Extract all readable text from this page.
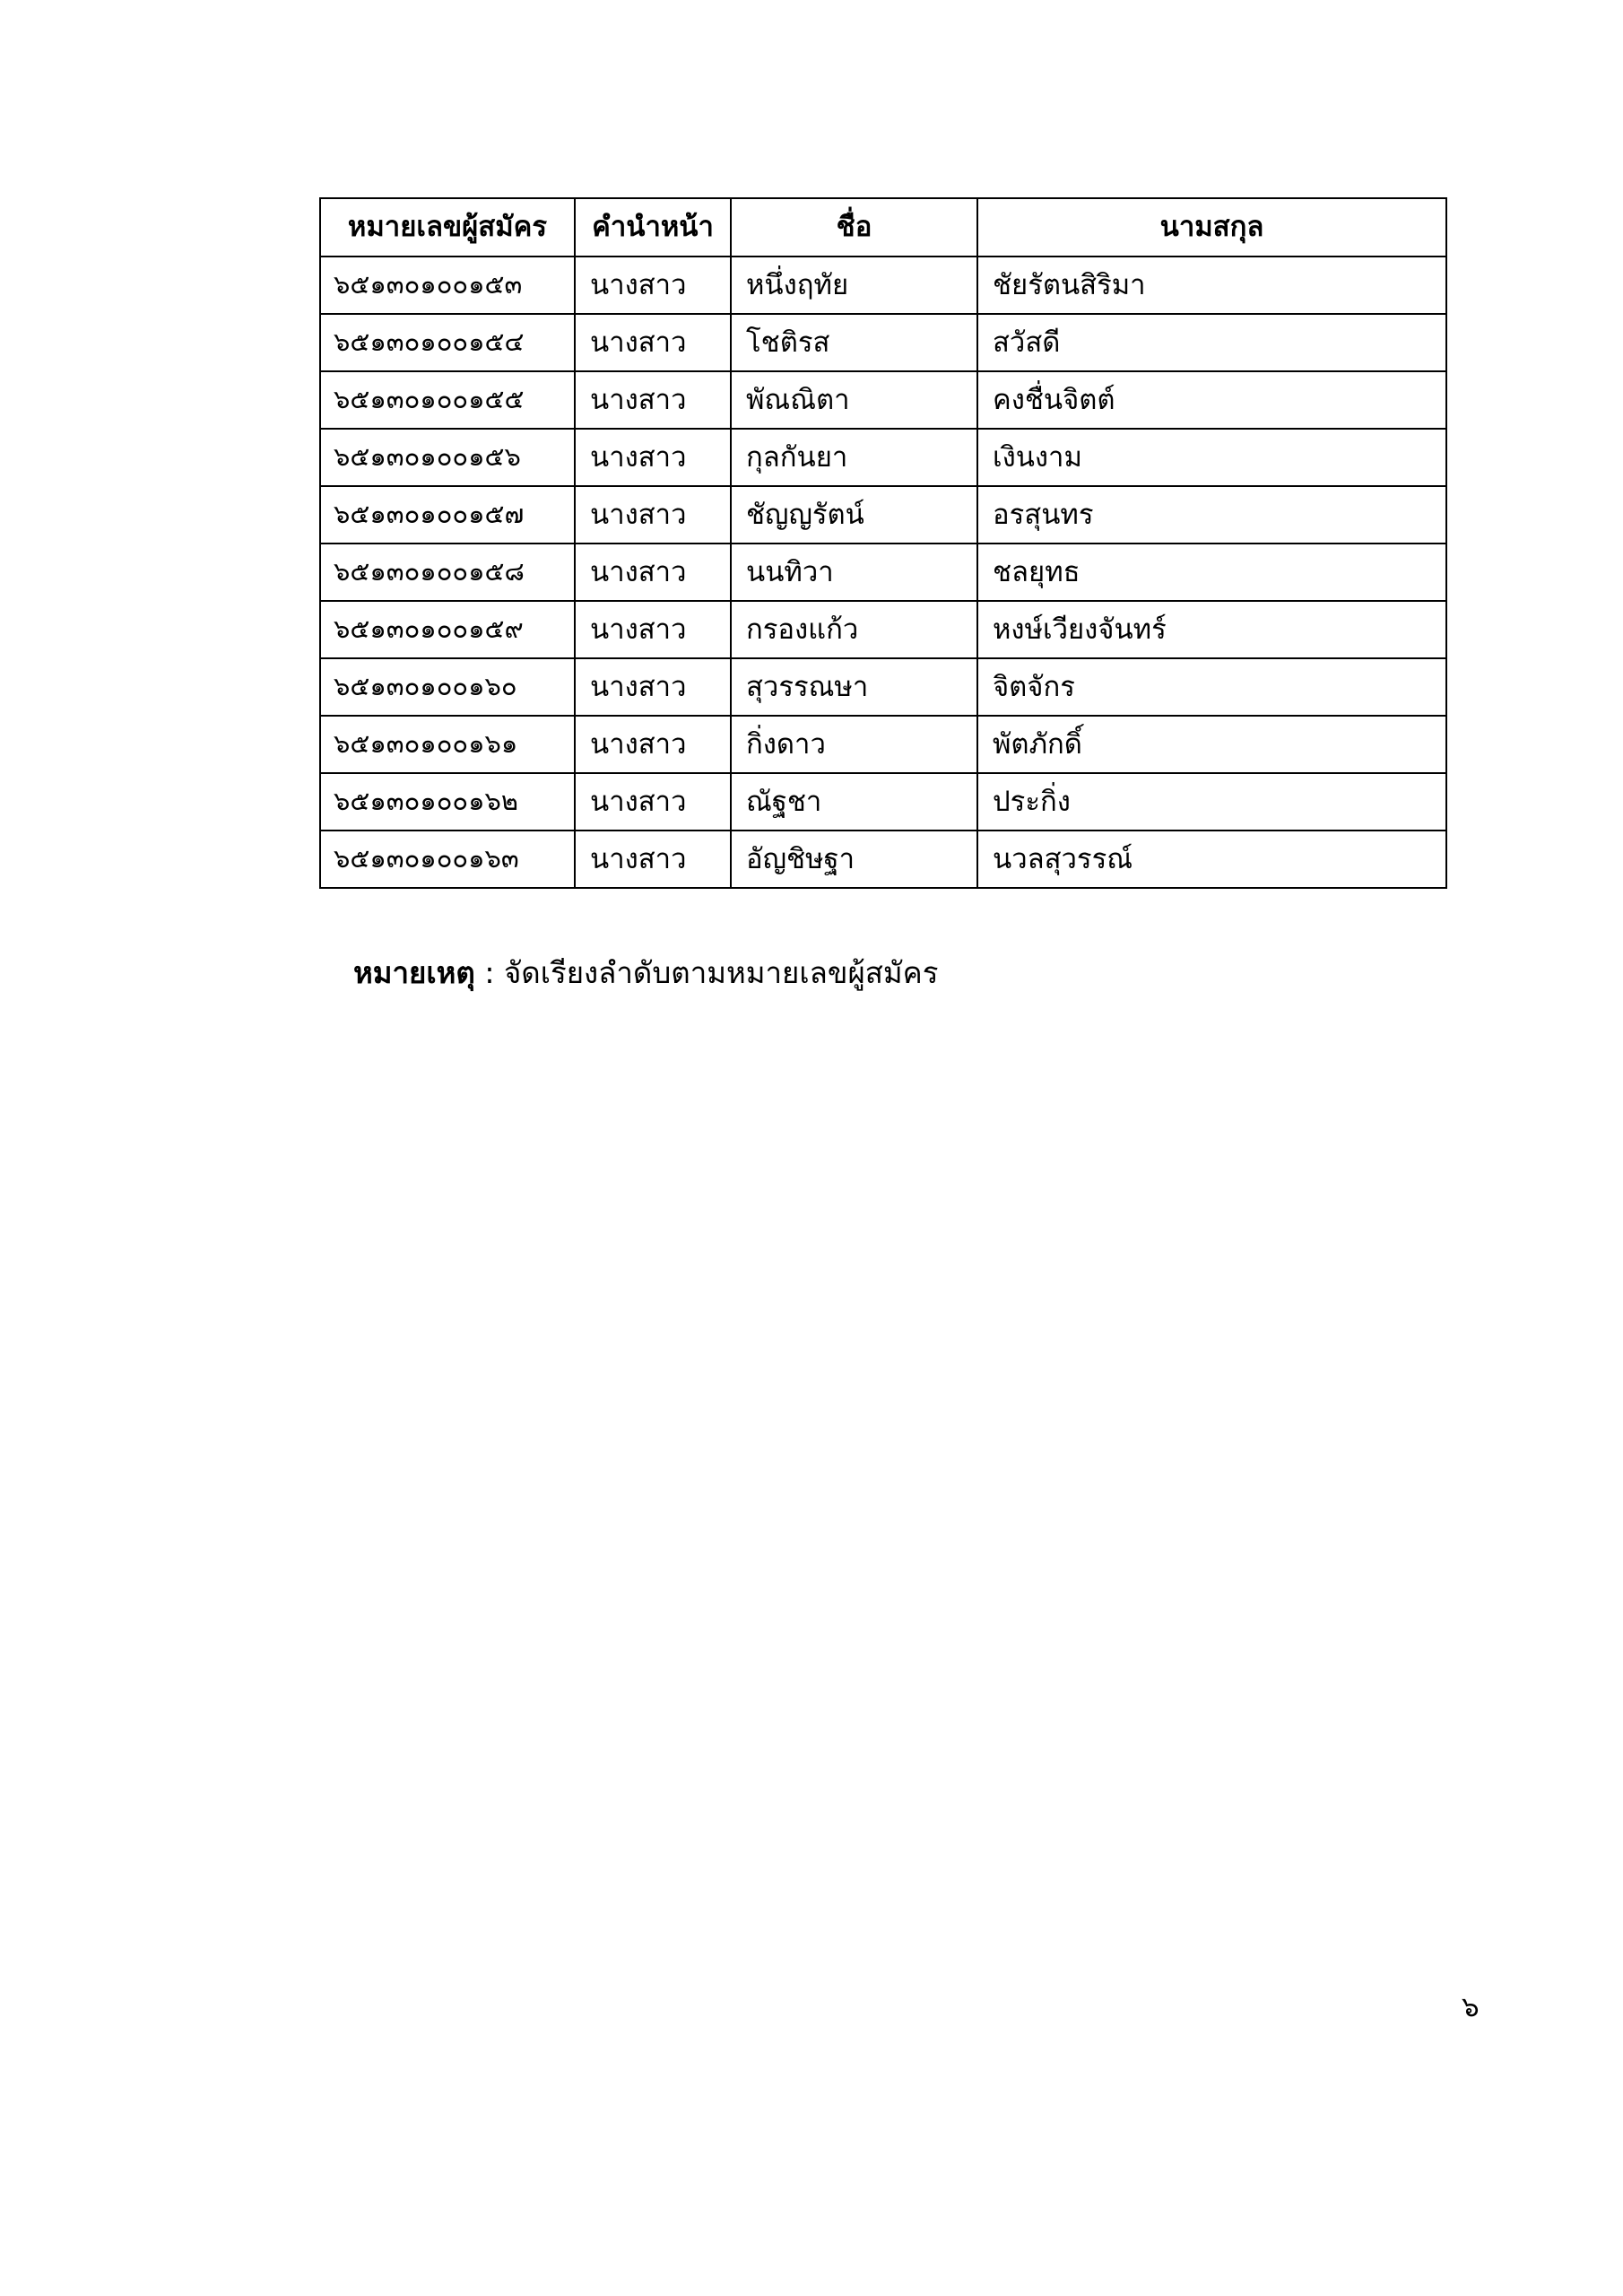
หมายเลขผู้สมัคร	คำนำหน้า	ชื่อ	นามสกุล
๖๕๑๓๐๑๐๐๑๕๓	นางสาว	หนึ่งฤทัย	ชัยรัตนสิริมา
๖๕๑๓๐๑๐๐๑๕๔	นางสาว	โชติรส	สวัสดี
๖๕๑๓๐๑๐๐๑๕๕	นางสาว	พัณณิตา	คงชื่นจิตต์
๖๕๑๓๐๑๐๐๑๕๖	นางสาว	กุลกันยา	เงินงาม
๖๕๑๓๐๑๐๐๑๕๗	นางสาว	ชัญญรัตน์	อรสุนทร
๖๕๑๓๐๑๐๐๑๕๘	นางสาว	นนทิวา	ชลยุทธ
๖๕๑๓๐๑๐๐๑๕๙	นางสาว	กรองแก้ว	หงษ์เวียงจันทร์
๖๕๑๓๐๑๐๐๑๖๐	นางสาว	สุวรรณษา	จิตจักร
๖๕๑๓๐๑๐๐๑๖๑	นางสาว	กิ่งดาว	พัตภักดิ์
๖๕๑๓๐๑๐๐๑๖๒	นางสาว	ณัฐชา	ประกิ่ง
๖๕๑๓๐๑๐๐๑๖๓	นางสาว	อัญชิษฐา	นวลสุวรรณ์
หมายเหตุ : จัดเรียงลำดับตามหมายเลขผู้สมัคร
๖
